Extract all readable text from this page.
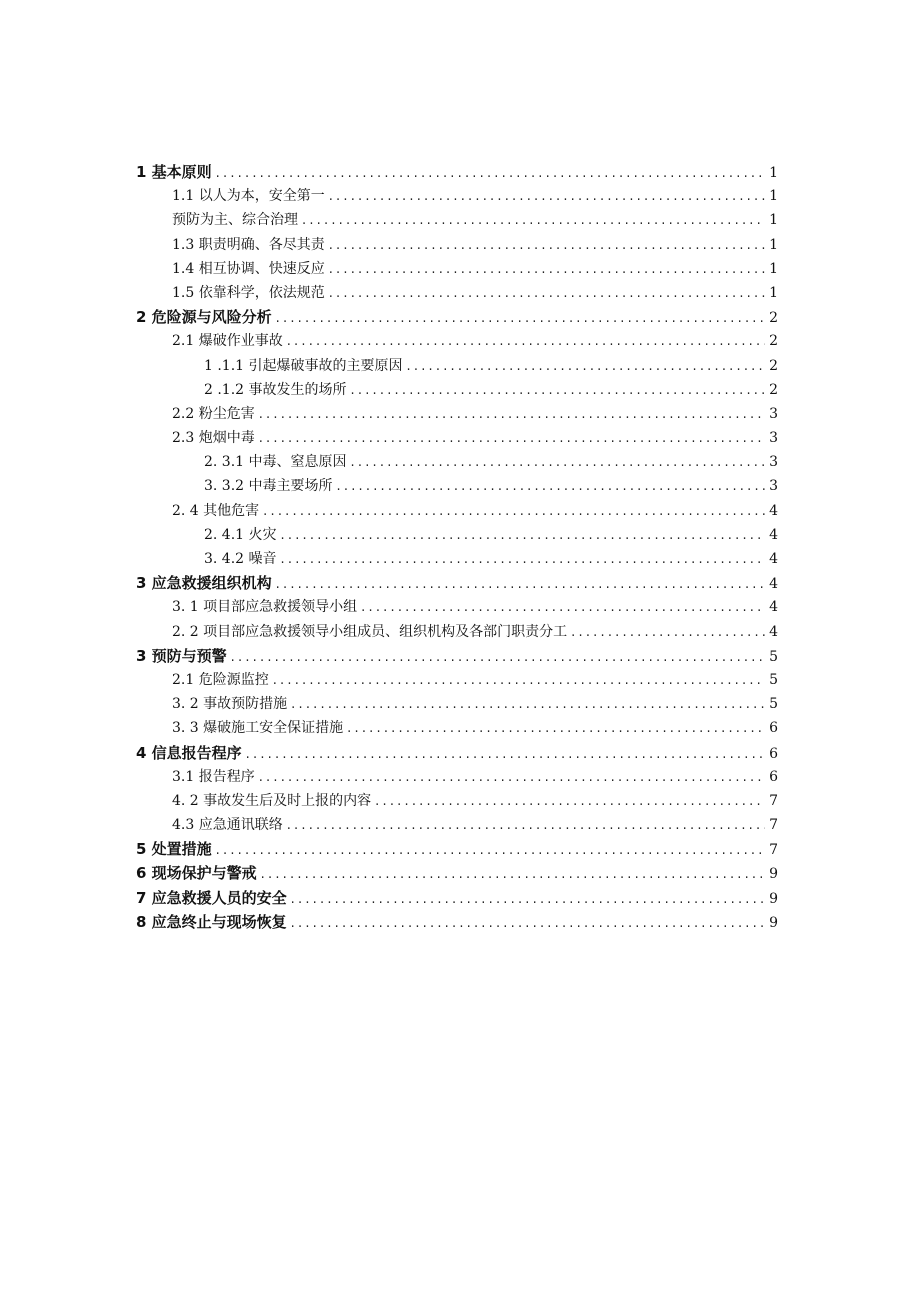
1 基本原则 .....	1
1.1 以人为本，安全第一 .....	1
预防为主、综合治理 .....	1
1.3 职责明确、各尽其责 .....	1
1.4 相互协调、快速反应 .....	1
1.5 依靠科学，依法规范 .....	1
2 危险源与风险分析 .....	2
2.1 爆破作业事故 .....	2
1 .1.1 引起爆破事故的主要原因 .....	2
2 .1.2 事故发生的场所 .....	2
2.2 粉尘危害 .....	3
2.3 炮烟中毒 .....	3
2. 3.1 中毒、窒息原因 .....	3
3. 3.2 中毒主要场所 .....	3
2. 4 其他危害 .....	4
2. 4.1 火灾 .....	4
3. 4.2 噪音 .....	4
3 应急救援组织机构 .....	4
3. 1 项目部应急救援领导小组 .....	4
2. 2 项目部应急救援领导小组成员、组织机构及各部门职责分工 .....	4
3 预防与预警 .....	5
2.1 危险源监控 .....	5
3. 2 事故预防措施 .....	5
3. 3 爆破施工安全保证措施 .....	6
4 信息报告程序 .....	6
3.1 报告程序 .....	6
4. 2 事故发生后及时上报的内容 .....	7
4.3 应急通讯联络 .....	7
5 处置措施 .....	7
6 现场保护与警戒 .....	9
7 应急救援人员的安全 .....	9
8 应急终止与现场恢复 .....	9
